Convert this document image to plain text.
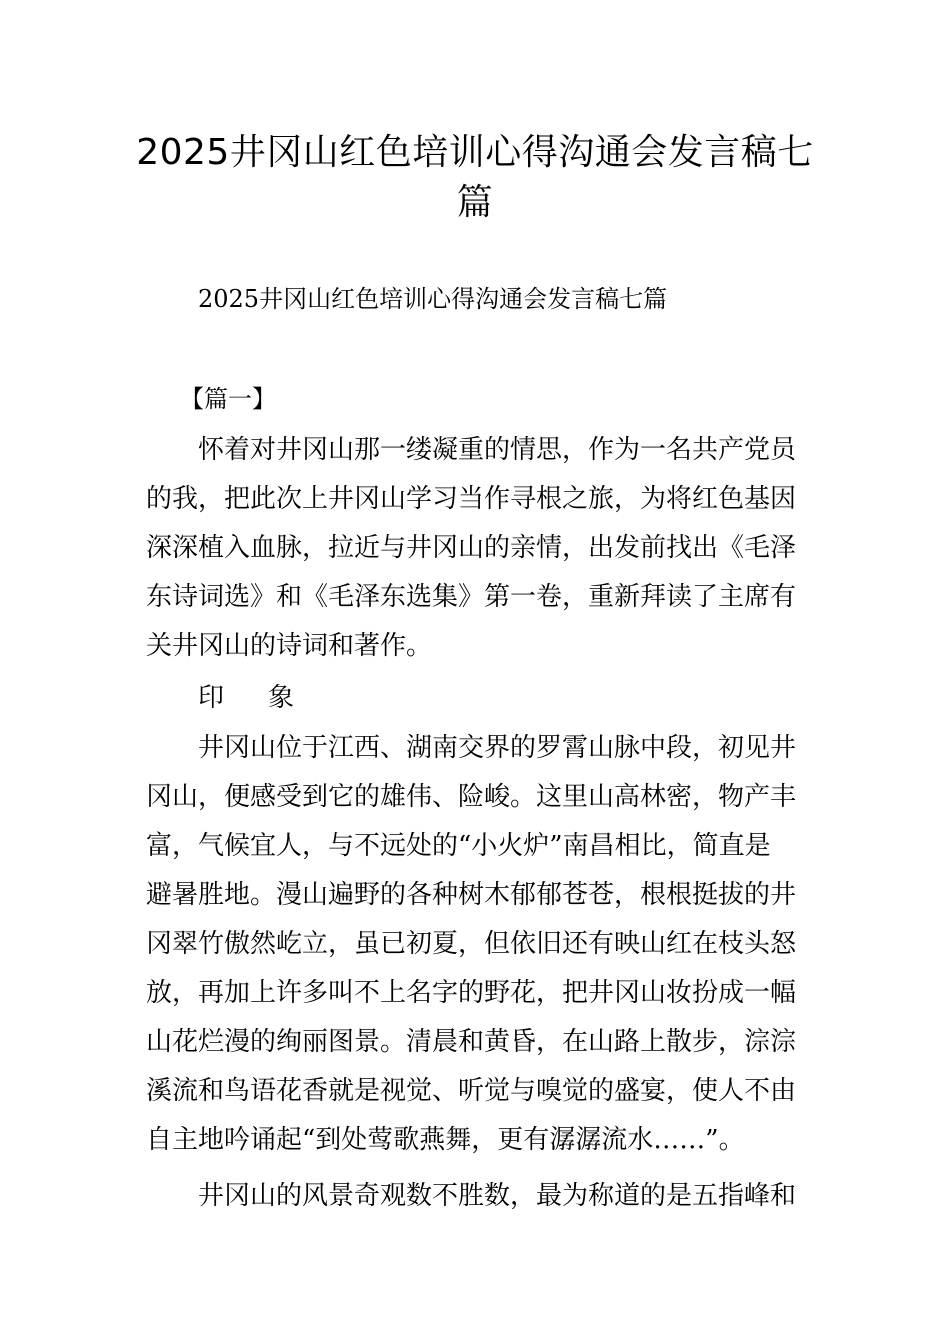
2025井冈山红色培训心得沟通会发言稿七
篇
2025井冈山红色培训心得沟通会发言稿七篇
【篇一】
怀着对井冈山那一缕凝重的情思，作为一名共产党员
的我，把此次上井冈山学习当作寻根之旅，为将红色基因
深深植入血脉，拉近与井冈山的亲情，出发前找出《毛泽
东诗词选》和《毛泽东选集》第一卷，重新拜读了主席有
关井冈山的诗词和著作。
印 象
井冈山位于江西、湖南交界的罗霄山脉中段，初见井
冈山，便感受到它的雄伟、险峻。这里山高林密，物产丰
富，气候宜人，与不远处的“小火炉”南昌相比，简直是
避暑胜地。漫山遍野的各种树木郁郁苍苍，根根挺拔的井
冈翠竹傲然屹立，虽已初夏，但依旧还有映山红在枝头怒
放，再加上许多叫不上名字的野花，把井冈山妆扮成一幅
山花烂漫的绚丽图景。清晨和黄昏，在山路上散步，淙淙
溪流和鸟语花香就是视觉、听觉与嗅觉的盛宴，使人不由
自主地吟诵起“到处莺歌燕舞，更有潺潺流水……”。
井冈山的风景奇观数不胜数，最为称道的是五指峰和
